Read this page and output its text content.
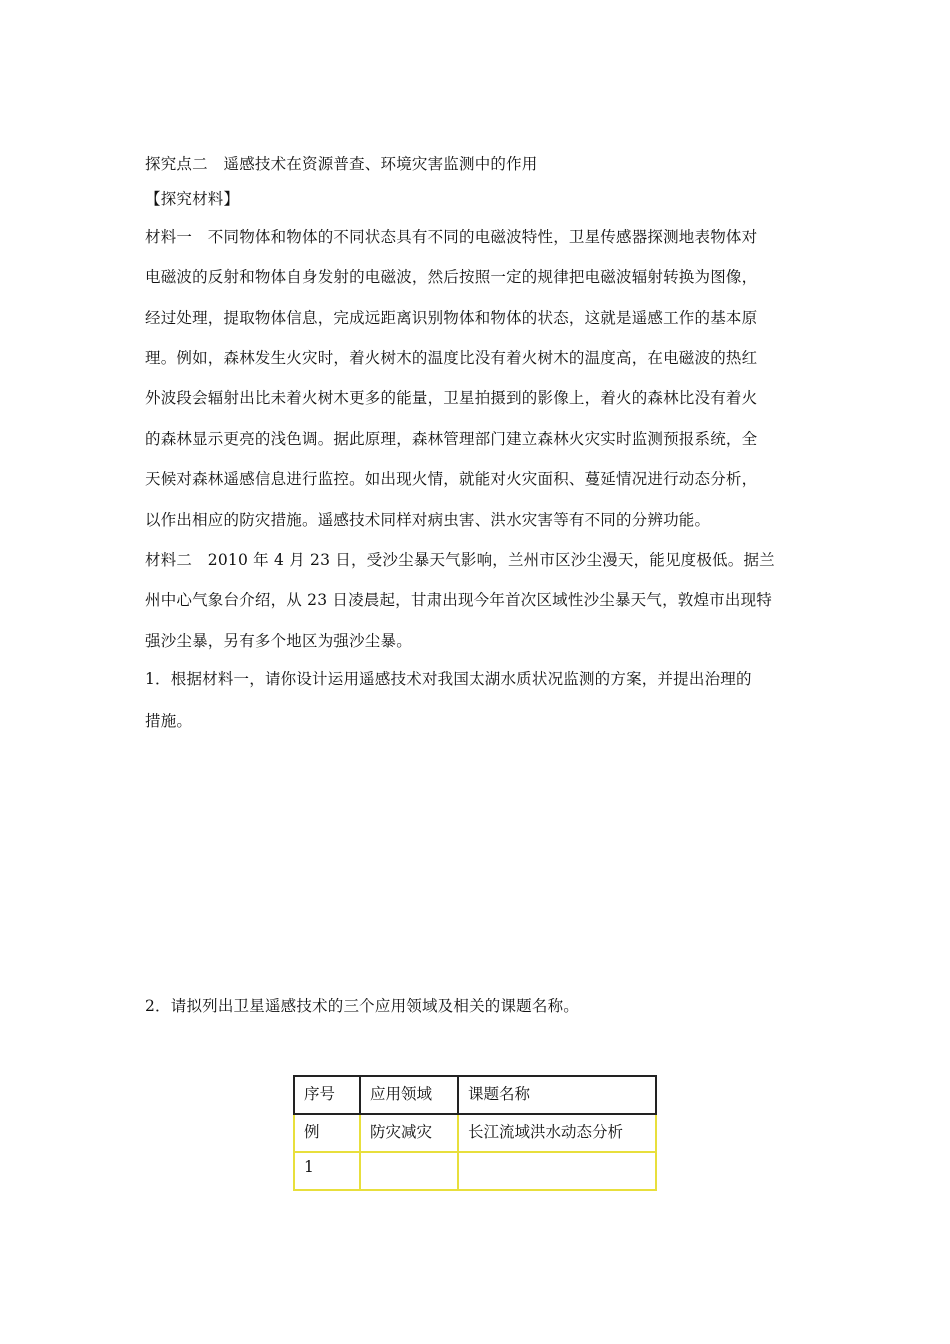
探究点二　遥感技术在资源普查、环境灾害监测中的作用
【探究材料】
材料一　不同物体和物体的不同状态具有不同的电磁波特性，卫星传感器探测地表物体对
电磁波的反射和物体自身发射的电磁波，然后按照一定的规律把电磁波辐射转换为图像，
经过处理，提取物体信息，完成远距离识别物体和物体的状态，这就是遥感工作的基本原
理。例如，森林发生火灾时，着火树木的温度比没有着火树木的温度高，在电磁波的热红
外波段会辐射出比未着火树木更多的能量，卫星拍摄到的影像上，着火的森林比没有着火
的森林显示更亮的浅色调。据此原理，森林管理部门建立森林火灾实时监测预报系统，全
天候对森林遥感信息进行监控。如出现火情，就能对火灾面积、蔓延情况进行动态分析，
以作出相应的防灾措施。遥感技术同样对病虫害、洪水灾害等有不同的分辨功能。
材料二　2010 年 4 月 23 日，受沙尘暴天气影响，兰州市区沙尘漫天，能见度极低。据兰
州中心气象台介绍，从 23 日凌晨起，甘肃出现今年首次区域性沙尘暴天气，敦煌市出现特
强沙尘暴，另有多个地区为强沙尘暴。
1．根据材料一，请你设计运用遥感技术对我国太湖水质状况监测的方案，并提出治理的
措施。
2．请拟列出卫星遥感技术的三个应用领域及相关的课题名称。
序号	应用领域	课题名称
例	防灾减灾	长江流域洪水动态分析
1		
